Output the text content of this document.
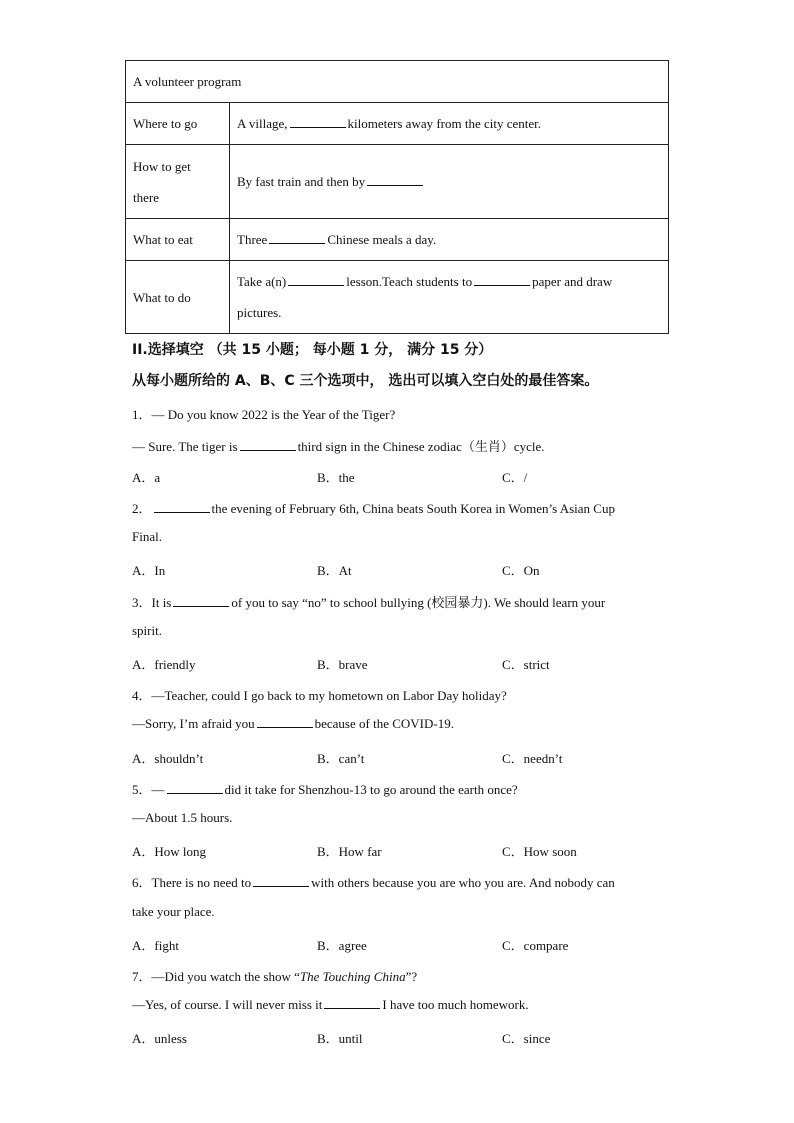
A volunteer program	
Where to go	A village, kilometers away from the city center.
How to get
there	By fast train and then by
What to eat	Three Chinese meals a day.
What to do	Take a(n) lesson.Teach students to paper and draw
pictures.
II.选择填空 （共 15 小题； 每小题 1 分， 满分 15 分）
从每小题所给的 A、B、C 三个选项中， 选出可以填入空白处的最佳答案。
1．— Do you know 2022 is the Year of the Tiger?
— Sure. The tiger is	third sign in the Chinese zodiac（生肖）cycle.
A．a	B．the	C．/
2．	the evening of February 6th, China beats South Korea in Women’s Asian Cup
Final.
A．In	B．At	C．On
3．It is	of you to say “no” to school bullying (校园暴力). We should learn your
spirit.
A．friendly	B．brave	C．strict
4．—Teacher, could I go back to my hometown on Labor Day holiday?
—Sorry, I’m afraid you	because of the COVID-19.
A．shouldn’t	B．can’t	C．needn’t
5．—	did it take for Shenzhou-13 to go around the earth once?
—About 1.5 hours.
A．How long	B．How far	C．How soon
6．There is no need to	with others because you are who you are. And nobody can
take your place.
A．fight	B．agree	C．compare
7．—Did you watch the show “The Touching China”?
—Yes, of course. I will never miss it	I have too much homework.
A．unless	B．until	C．since
